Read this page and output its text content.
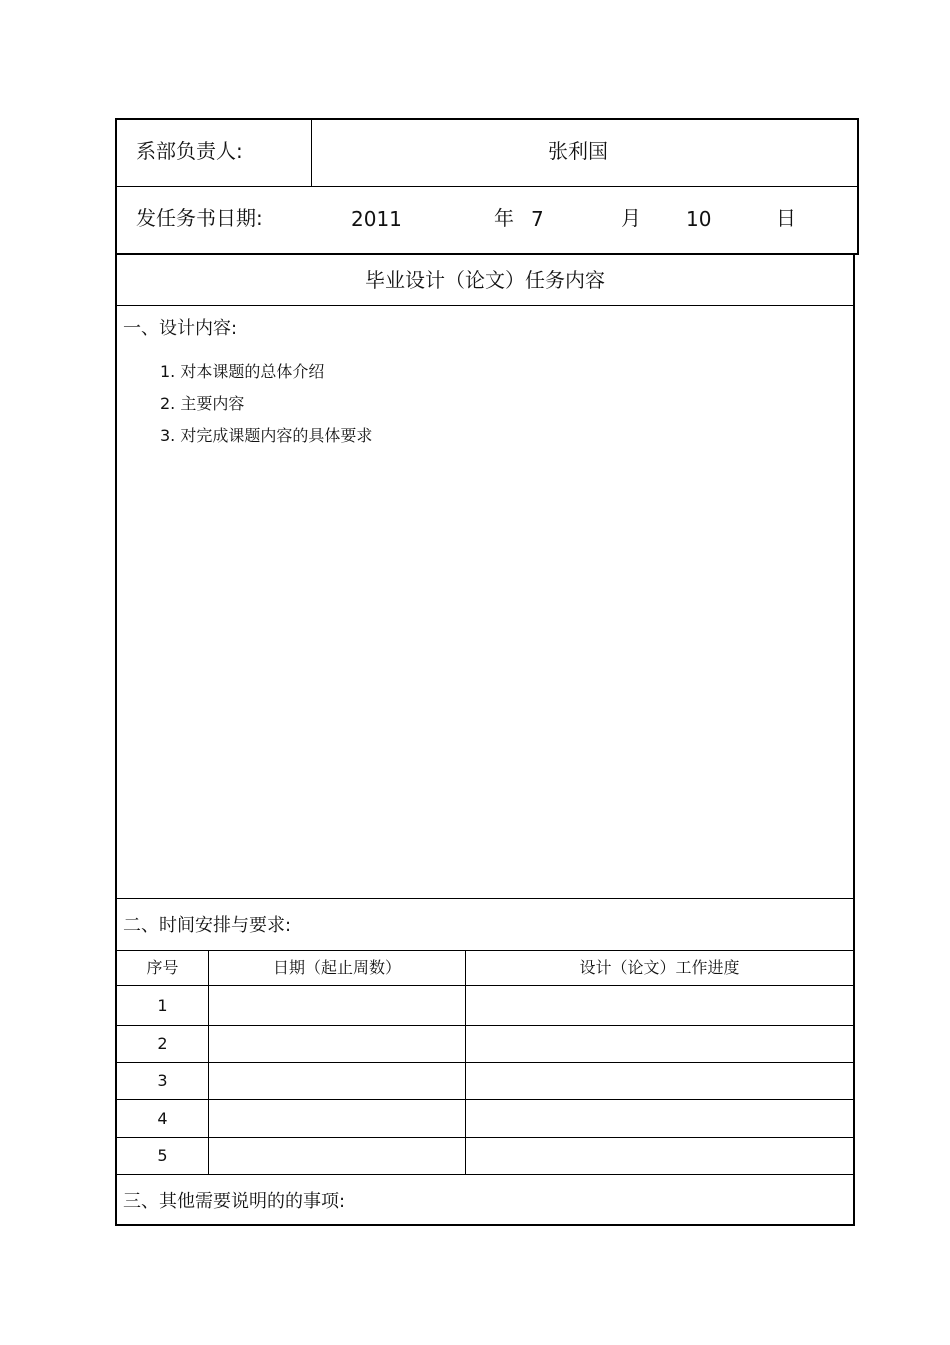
系部负责人:	张利国
发任务书日期:	2011	年 7	月 10	日
毕业设计（论文）任务内容
一、设计内容:
1. 对本课题的总体介绍
2. 主要内容
3. 对完成课题内容的具体要求
二、时间安排与要求:
序号	日期（起止周数）	设计（论文）工作进度
1
2
3
4
5
三、其他需要说明的的事项:
